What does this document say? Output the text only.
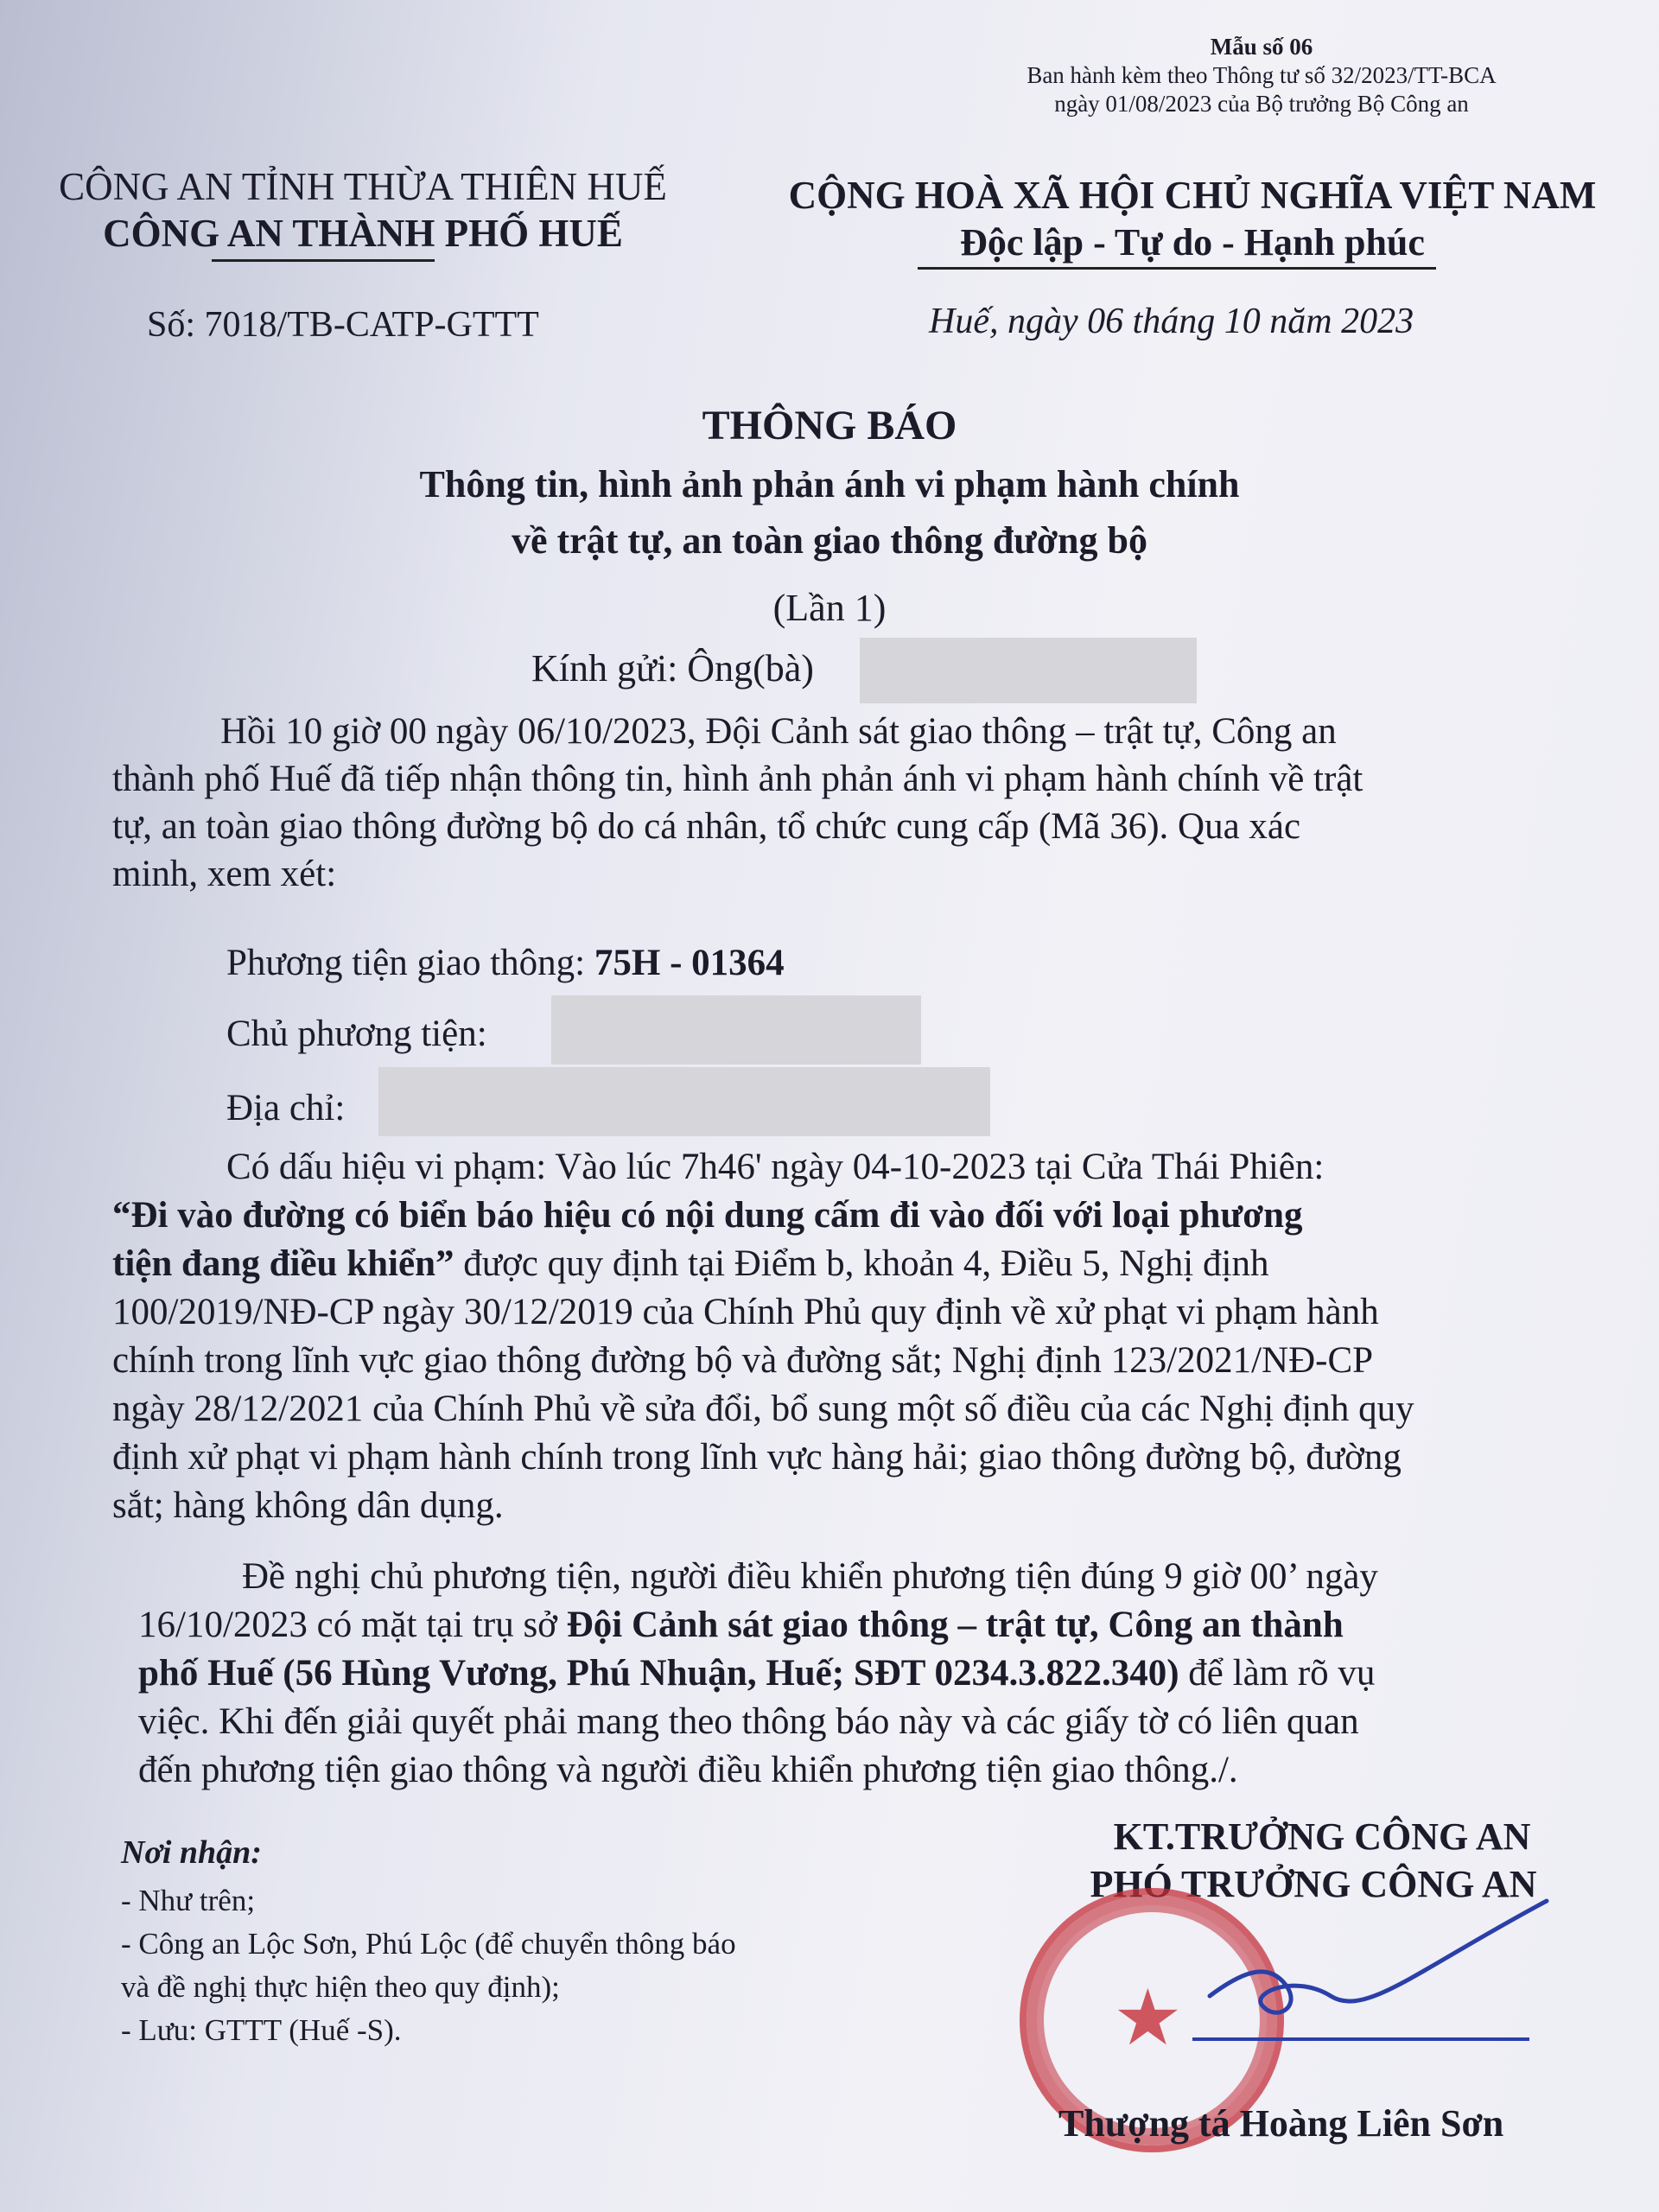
Mẫu số 06
Ban hành kèm theo Thông tư số 32/2023/TT-BCA
ngày 01/08/2023 của Bộ trưởng Bộ Công an
CÔNG AN TỈNH THỪA THIÊN HUẾ
CÔNG AN THÀNH PHỐ HUẾ
CỘNG HOÀ XÃ HỘI CHỦ NGHĨA VIỆT NAM
Độc lập - Tự do - Hạnh phúc
Số: 7018/TB-CATP-GTTT	Huế, ngày 06 tháng 10 năm 2023
THÔNG BÁO
Thông tin, hình ảnh phản ánh vi phạm hành chính
về trật tự, an toàn giao thông đường bộ
(Lần 1)
Kính gửi: Ông(bà)
Hồi 10 giờ 00 ngày 06/10/2023, Đội Cảnh sát giao thông – trật tự, Công an
thành phố Huế đã tiếp nhận thông tin, hình ảnh phản ánh vi phạm hành chính về trật
tự, an toàn giao thông đường bộ do cá nhân, tổ chức cung cấp (Mã 36). Qua xác
minh, xem xét:
Phương tiện giao thông: 75H - 01364
Chủ phương tiện:
Địa chỉ:
Có dấu hiệu vi phạm: Vào lúc 7h46' ngày 04-10-2023 tại Cửa Thái Phiên:
“Đi vào đường có biển báo hiệu có nội dung cấm đi vào đối với loại phương
tiện đang điều khiển” được quy định tại Điểm b, khoản 4, Điều 5, Nghị định
100/2019/NĐ-CP ngày 30/12/2019 của Chính Phủ quy định về xử phạt vi phạm hành
chính trong lĩnh vực giao thông đường bộ và đường sắt; Nghị định 123/2021/NĐ-CP
ngày 28/12/2021 của Chính Phủ về sửa đổi, bổ sung một số điều của các Nghị định quy
định xử phạt vi phạm hành chính trong lĩnh vực hàng hải; giao thông đường bộ, đường
sắt; hàng không dân dụng.
Đề nghị chủ phương tiện, người điều khiển phương tiện đúng 9 giờ 00’ ngày
16/10/2023 có mặt tại trụ sở Đội Cảnh sát giao thông – trật tự, Công an thành
phố Huế (56 Hùng Vương, Phú Nhuận, Huế; SĐT 0234.3.822.340) để làm rõ vụ
việc. Khi đến giải quyết phải mang theo thông báo này và các giấy tờ có liên quan
đến phương tiện giao thông và người điều khiển phương tiện giao thông./.
Nơi nhận:
- Như trên;
- Công an Lộc Sơn, Phú Lộc (để chuyển thông báo
và đề nghị thực hiện theo quy định);
- Lưu: GTTT (Huế -S).
KT.TRƯỞNG CÔNG AN
PHÓ TRƯỞNG CÔNG AN
★
Thượng tá Hoàng Liên Sơn
